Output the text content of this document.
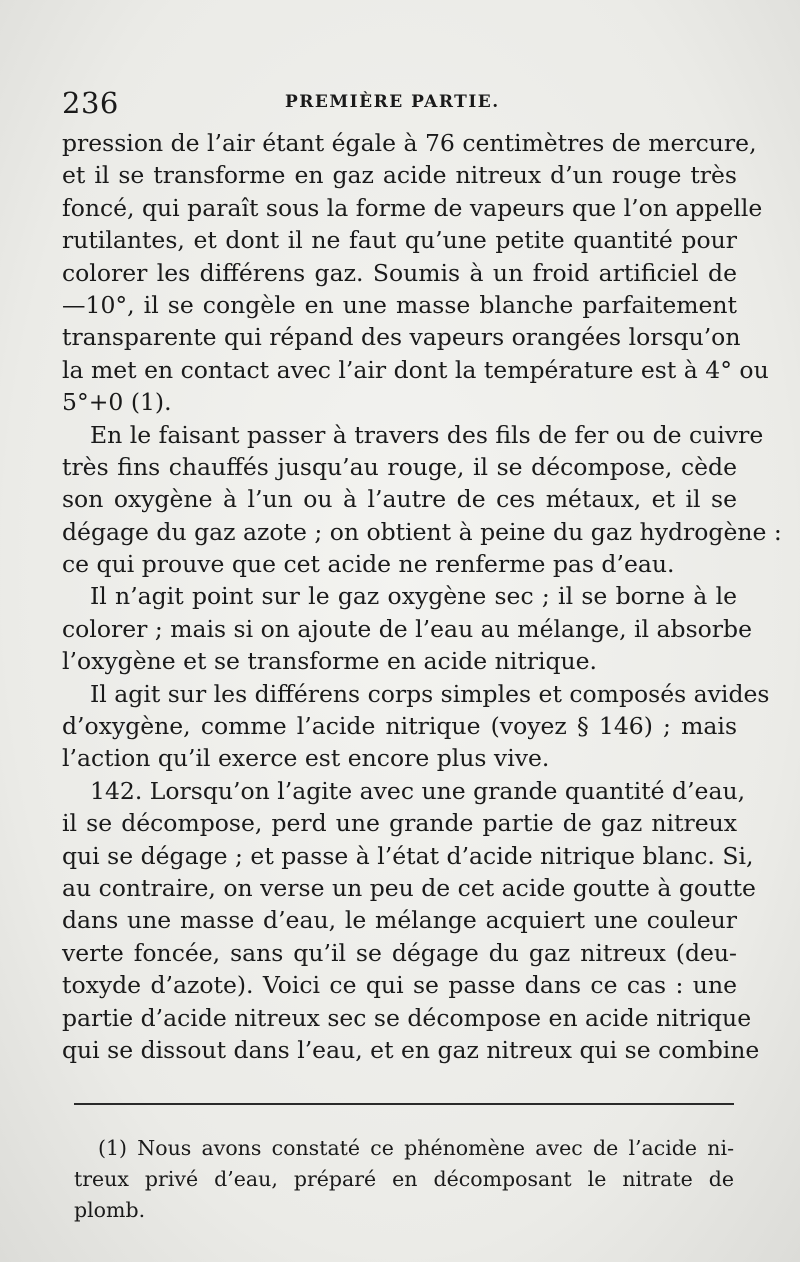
236	PREMIÈRE PARTIE.
pression de l’air étant égale à 76 centimètres de mercure,
et il se transforme en gaz acide nitreux d’un rouge très
foncé, qui paraît sous la forme de vapeurs que l’on appelle
rutilantes, et dont il ne faut qu’une petite quantité pour
colorer les différens gaz. Soumis à un froid artificiel de
—10°, il se congèle en une masse blanche parfaitement
transparente qui répand des vapeurs orangées lorsqu’on
la met en contact avec l’air dont la température est à 4° ou
5°+0 (1).
En le faisant passer à travers des fils de fer ou de cuivre
très fins chauffés jusqu’au rouge, il se décompose, cède
son oxygène à l’un ou à l’autre de ces métaux, et il se
dégage du gaz azote ; on obtient à peine du gaz hydrogène :
ce qui prouve que cet acide ne renferme pas d’eau.
Il n’agit point sur le gaz oxygène sec ; il se borne à le
colorer ; mais si on ajoute de l’eau au mélange, il absorbe
l’oxygène et se transforme en acide nitrique.
Il agit sur les différens corps simples et composés avides
d’oxygène, comme l’acide nitrique (voyez § 146) ; mais
l’action qu’il exerce est encore plus vive.
142. Lorsqu’on l’agite avec une grande quantité d’eau,
il se décompose, perd une grande partie de gaz nitreux
qui se dégage ; et passe à l’état d’acide nitrique blanc. Si,
au contraire, on verse un peu de cet acide goutte à goutte
dans une masse d’eau, le mélange acquiert une couleur
verte foncée, sans qu’il se dégage du gaz nitreux (deu-
toxyde d’azote). Voici ce qui se passe dans ce cas : une
partie d’acide nitreux sec se décompose en acide nitrique
qui se dissout dans l’eau, et en gaz nitreux qui se combine
(1) Nous avons constaté ce phénomène avec de l’acide ni-
treux privé d’eau, préparé en décomposant le nitrate de
plomb.
